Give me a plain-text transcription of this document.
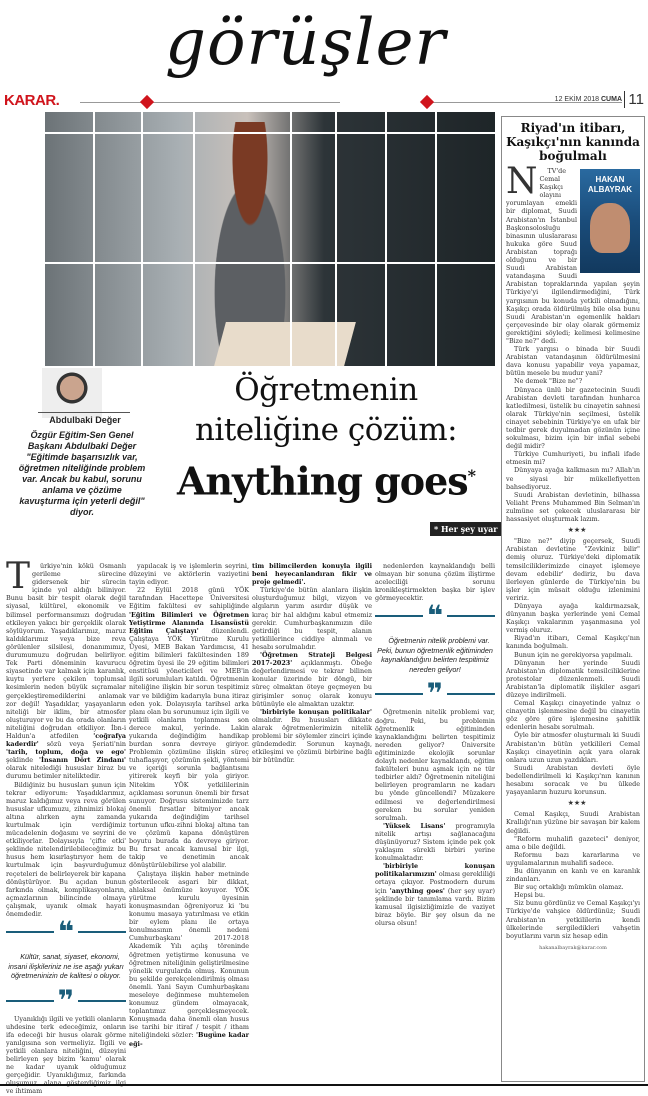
KARAR.
görüşler
12 EKİM 2018 CUMA 11
Abdulbaki Değer
Özgür Eğitim-Sen Genel Başkanı Abdulbaki Değer "Eğitimde başarısızlık var, öğretmen niteliğinde problem var. Ancak bu kabul, sorunu anlama ve çözüme kavuşturma için yeterli değil" diyor.
Öğretmenin
niteliğine çözüm:
Anything goes*
* Her şey uyar

T ürkiye'nin kökü Osmanlı gerileme sürecine gidersenek bir sürecin içinde yol aldığı biliniyor. Bunu basit bir tespit olarak değil siyasal, kültürel, ekonomik ve bilimsel performansımızı doğrudan etkileyen yakıcı bir gerçeklik olarak söylüyorum. Yaşadıklarımız, maruz kaldıklarımız veya bize reva görülenler silsilesi, donanımımız, durumumuzu doğrudan belirliyor. Tek Parti döneminin kavurucu siyasetinde var kalmak için karanlık, kuytu yerlere çekilen toplumsal kesimlerin neden büyük sıçramalar gerçekleştiremediklerini anlamak zor değil! Yaşadıklar, yaşayanların niteliği bir iklim, bir atmosfer oluşturuyor ve bu da orada olanların niteliğini doğrudan etkiliyor. İbn-i Haldun'a atfedilen 'coğrafya kaderdir' sözü veya Şeriati'nin 'tarih, toplum, doğa ve ego' şeklinde 'İnsanın Dört Zindanı' olarak nitelediği hususlar biraz bu durumu betimler niteliktedir.

Bildiğiniz bu hususları şunun için tekrar ediyorum: Yaşadıklarımız, maruz kaldığımız veya reva görülen hususlar ufkumuzu, zihnimizi blokaj altına alırken aynı zamanda kurtulmak için verdiğimiz mücadelenin doğasını ve seyrini de etkiliyorlar. Dolayısıyla 'çifte etki' şeklinde nitelendirilebileceğimiz bu husus hem kısırlaştırıyor hem de kurtulmak için başvurduğumuz reçeteleri de belirleyerek bir kapana dönüştürüyor. Bu açıdan bunun farkında olmak, komplikasyonların, açmazlarının bilincinde olmaya çalışmak, uyanık olmak hayati önemdedir.

❝

Kültür, sanat, siyaset, ekonomi, insani ilişkileriniz ne ise aşağı yukarı öğretmeninizin de kalitesi o oluyor.

❞

Uyanıklığı ilgili ve yetkili olanların uhdesine terk edeceğimiz, onların ifa edeceği bir husus olarak görme yanılgısına son vermeliyiz. İlgili ve yetkili olanlara niteliğini, düzeyini belirleyen şey bizim 'kamu' olarak ne kadar uyanık olduğumuz gerçeğidir. Uyanıklığımız, farkında ve ihtimam

yapılacak iş ve işlemlerin seyrini, düzeyini ve aktörlerin vaziyetini tayin ediyor.

22 Eylül 2018 günü YÖK tarafından Hacettepe Üniversitesi Eğitim fakültesi ev sahipliğinde 'Eğitim Bilimleri ve Öğretmen Yetiştirme Alanında Lisansüstü Eğitim Çalıştayı' düzenlendi. Çalıştaya YÖK Yürütme Kurulu Üyesi, MEB Bakan Yardımcısı, 41 eğitim bilimleri fakültesinden 189 öğretim üyesi ile 29 eğitim bilimleri enstitüsü yöneticileri ve MEB'in ilgili sorumluları katıldı. Öğretmenin niteliğine ilişkin bir sorun tespitimiz var ve bildiğim kadarıyla buna itiraz eden yok. Dolayısıyla tarihsel arka planı olan bu sorunumuz için ilgili ve yetkili olanların toplanması son derece makul, yerinde. Lakin yukarıda değindiğim handikap burdan sonra devreye giriyor. Problemin çözümüne ilişkin süreç tuhaflaşıyor, çözümün şekli, yöntemi ve içeriği sorunla bağlantısını yitirerek keyfi bir yola giriyor. Nitekim YÖK yetkililerinin açıklaması sorunun önemli bir fırsat sunuyor. Doğrusu sistemimizde tarz önemli fırsatlar bitmiyor ancak yukarıda değindiğim tarihsel tortunun ufku-zihni blokaj altına tan ve çözümü kapana dönüştüren boyutu burada da devreye giriyor. Bu fırsat ancak kamusal bir ilgi, takip ve denetimin ancak dönüştürülebilirse yol alabilir.

Çalıştaya ilişkin haber metninde gösterilecek asgari bir dikkat, ahlaksal önümüze koyuyor. YÖK yürütme kurulu üyesinin konuşmasından öğreniyoruz ki 'bu konumu masaya yatırılması ve etkin bir eylem planı ile ortaya konulmasının önemli nedeni Cumhurbaşkanı' 2017-2018 Akademik Yılı açılış töreninde öğretmen yetiştirme konusuna ve öğretmen niteliğinin geliştirilmesine yönelik vurgularda olmuş. Konunun bu şekilde gerekçelendirilmiş olması önemli. Yani Sayın Cumhurbaşkanı meseleye değinmese muhtemelen konumuz gündem olmayacak, toplantımız gerçekleşmeyecek. Konuşmada daha önemli olan husus ise tarihi bir itiraf / tespit / itham niteliğindeki sözler: 'Bugüne kadar eği-

tim bilimcilerden konuyla ilgili beni heyecanlandıran fikir ve proje gelmedi'.

Türkiye'de bütün alanlara ilişkin oluşturduğumuz bilgi, vizyon ve algıların yarım asırdır düşük ve kıraç bir hal aldığını kabul etmemiz gerekir. Cumhurbaşkanımızın dile getirdiği bu tespit, alanın yetkililerince ciddiye alınmalı ve hesabı sorulmalıdır.

'Öğretmen Strateji Belgesi 2017-2023' açıklanmıştı. Öbeğe değerlendirmesi ve tekrar bilinen konular üzerinde bir döngü, bir süreç olmaktan öteye geçmeyen bu girişimler sonuç olarak konuyu bütünüyle ele almaktan uzaktır.

'birbiriyle konuşan politikalar' olmalıdır. Bu hususları dikkate alarak öğretmenlerimizin nitelik problemi bir söylemler zinciri içinde gündemdedir. Sorunun kaynağı, etkileşimi ve çözümü birbirine bağlı bir bütündür.

nedenlerden kaynaklandığı belli olmayan bir sonuna çözüm iliştirme aceleciliği sorunu kronikleştirmekten başka bir işlev görmeyecektir.

❝

Öğretmenin nitelik problemi var. Peki, bunun öğretmenlik eğitiminden kaynaklandığını belirten tespitimiz nereden geliyor!

❞

Öğretmenin nitelik problemi var, doğru. Peki, bu problemin öğretmenlik eğitiminden kaynaklandığını belirten tespitimiz nereden geliyor? Üniversite eğitiminizde ekolojik sorunlar dolaylı nedenler kaynaklandı, eğitim fakülteleri bunu aşmak için ne tür tedbirler aldı? Öğretmenin niteliğini belirleyen programların ne kadarı bu yönde güncellendi? Müzakere edilmesi ve değerlendirilmesi gereken bu sorular yeniden sorulmalı.

'Yüksek Lisans' programıyla nitelik artışı sağlanacağını düşünüyoruz? Sistem içinde pek çok yaklaşım sürekli birbiri yerine konulmaktadır.

'birbiriyle konuşan politikalarımızın' olması gerekliliği ortaya çıkıyor. Postmodern durum için 'anything goes' (her şey uyar) şeklinde bir tanımlama vardı. Bizim kamusal ilgisizliğimizle de vaziyet biraz böyle. Bir şey olsun da ne olursa olsun!

Riyad'ın itibarı, Kaşıkçı'nın kanında boğulmalı
HAKAN
ALBAYRAK

N TV'de Cemal Kaşıkçı olayını yorumlayan emekli bir diplomat, Suudi Arabistan'ın İstanbul Başkonsolosluğu binasının uluslararası hukuka göre Suud Arabistan toprağı olduğunu ve bir Suudi Arabistan vatandaşına Suudi Arabistan topraklarında yapılan şeyin Türkiye'yi ilgilendirmediğini, Türk yargısının bu konuda yetkili olmadığını, Kaşıkçı orada öldürülmüş bile olsa bunu Suudi Arabistan'ın egemenlik hakları çerçevesinde bir olay olarak görmemiz gerektiğini söyledi; kelimesi kelimesine "Bize ne?" dedi.

Türk yargısı o binada bir Suudi Arabistan vatandaşının öldürülmesini dava konusu yapabilir veya yapamaz, bütün mesele bu mudur yani?

Ne demek "Bize ne"?

Dünyaca ünlü bir gazetecinin Suudi Arabistan devleti tarafından hunharca katledilmesi, üstelik bu cinayetin sahnesi olarak Türkiye'nin seçilmesi, üstelik cinayet sebebinin Türkiye'ye en ufak bir tedbir gerek duyulmadan gözünün içine sokulması, bizim için bir infial sebebi değil midir?

Türkiye Cumhuriyeti, bu infiali ifade etmesin mi?

Dünyaya ayağa kalkmasın mı? Allah'ın ve siyasi bir mükellefiyetten bahsediyoruz.

Suudi Arabistan devletinin, bilhassa Veliaht Prens Muhammed Bin Selman'ın zulmüne set çekecek uluslararası bir hassasiyet oluşturmak lazım.

★★★

"Bize ne?" diyip geçersek, Suudi Arabistan devletine "Zevkiniz bilir" demiş oluruz. Türkiye'deki diplomatik temsilciliklerimizde cinayet işlemeye devam edebilir' dediriz, bu dava ilerleyen günlerde de Türkiye'nin bu işler için müsait olduğu izlenimini veririz.

Dünyaya ayağa kaldırmazsak, dünyanın başka yerlerinde yeni Cemal Kaşıkçı vakalarının yaşanmasına yol vermiş oluruz.

Riyad'ın itibarı, Cemal Kaşıkçı'nın kanında boğulmalı.

Bunun için ne gerekiyorsa yapılmalı.

Dünyanın her yerinde Suudi Arabistan'ın diplomatik temsilciliklerine protestolar düzenlenmeli. Suudi Arabistan'la diplomatik ilişkiler asgari düzeye indirilmeli.

Cemal Kaşıkçı cinayetinde yalnız o cinayetin işlenmesine değil bu cinayetin göz göre göre işlenmesine şahitlik edenlerin hesabı sorulmalı.

Öyle bir atmosfer oluşturmalı ki Suudi Arabistan'ın bütün yetkilileri Cemal Kaşıkçı cinayetinin açık yara olarak onlara uzun uzun yazdıkları.

Suudi Arabistan devleti öyle bedellendirilmeli ki Kaşıkçı'nın kanının hesabını soracak ve bu ülkede yaşayanların huzuru korunsun.

★★★

Cemal Kaşıkçı, Suudi Arabistan Krallığı'nın yüzüne bir savaşan bir kalem değildi.

"Reform muhalifi gazeteci" deniyor, ama o bile değildi.

Reformu bazı kararlarına ve uygulamalarının muhalifi sadece.

Bu dünyanın en kanlı ve en karanlık zindanları.

Bir suç ortaklığı mümkün olamaz.

Hepsi bu.

Siz bunu gördünüz ve Cemal Kaşıkçı'yı Türkiye'de vahşice öldürdünüz; Suudi Arabistan'ın yetkililerin kendi ülkelerinde sergiledikleri vahşetin boyutlarını varın siz hesap edin

hakanalbayrak@karar.com
